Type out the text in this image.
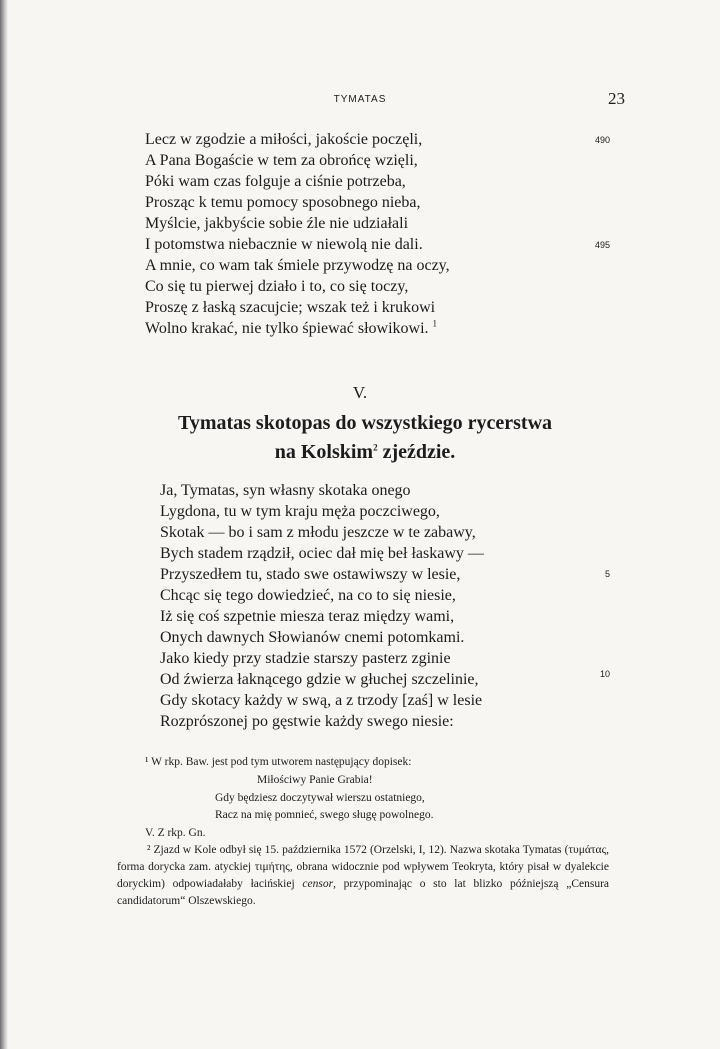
TYMATAS	23
Lecz w zgodzie a miłości, jakoście poczęli,
A Pana Bogaście w tem za obrońcę wzięli,
Póki wam czas folguje a ciśnie potrzeba,
Prosząc k temu pomocy sposobnego nieba,
Myślcie, jakbyście sobie źle nie udziałali
I potomstwa niebacznie w niewolą nie dali.
A mnie, co wam tak śmiele przywodzę na oczy,
Co się tu pierwej działo i to, co się toczy,
Proszę z łaską szacujcie; wszak też i krukowi
Wolno krakać, nie tylko śpiewać słowikowi. $^1$
490
495
V.
Tymatas skotopas do wszystkiego rycerstwa
na Kolskim$^2$ zjeździe.
Ja, Tymatas, syn własny skotaka onego
Lygdona, tu w tym kraju męża poczciwego,
Skotak — bo i sam z młodu jeszcze w te zabawy,
Bych stadem rządził, ociec dał mię beł łaskawy —
Przyszedłem tu, stado swe ostawiwszy w lesie,
Chcąc się tego dowiedzieć, na co to się niesie,
Iż się coś szpetnie miesza teraz między wami,
Onych dawnych Słowianów cnemi potomkami.
Jako kiedy przy stadzie starszy pasterz zginie
Od źwierza łaknącego gdzie w głuchej szczelinie,
Gdy skotacy każdy w swą, a z trzody [zaś] w lesie
Rozprószonej po gęstwie każdy swego niesie:
5
10
¹ W rkp. Baw. jest pod tym utworem następujący dopisek:
Miłościwy Panie Grabia!
Gdy będziesz doczytywał wierszu ostatniego,
Racz na mię pomnieć, swego sługę powolnego.
V. Z rkp. Gn.
² Zjazd w Kole odbył się 15. października 1572 (Orzelski, I, 12). Nazwa skotaka Tymatas (τυμάτας, forma dorycka zam. atyckiej τιμήτης, obrana widocznie pod wpływem Teokryta, który pisał w dyalekcie doryckim) odpowiadałaby łacińskiej censor, przypominając o sto lat blizko późniejszą „Censura candidatorum“ Olszewskiego.
